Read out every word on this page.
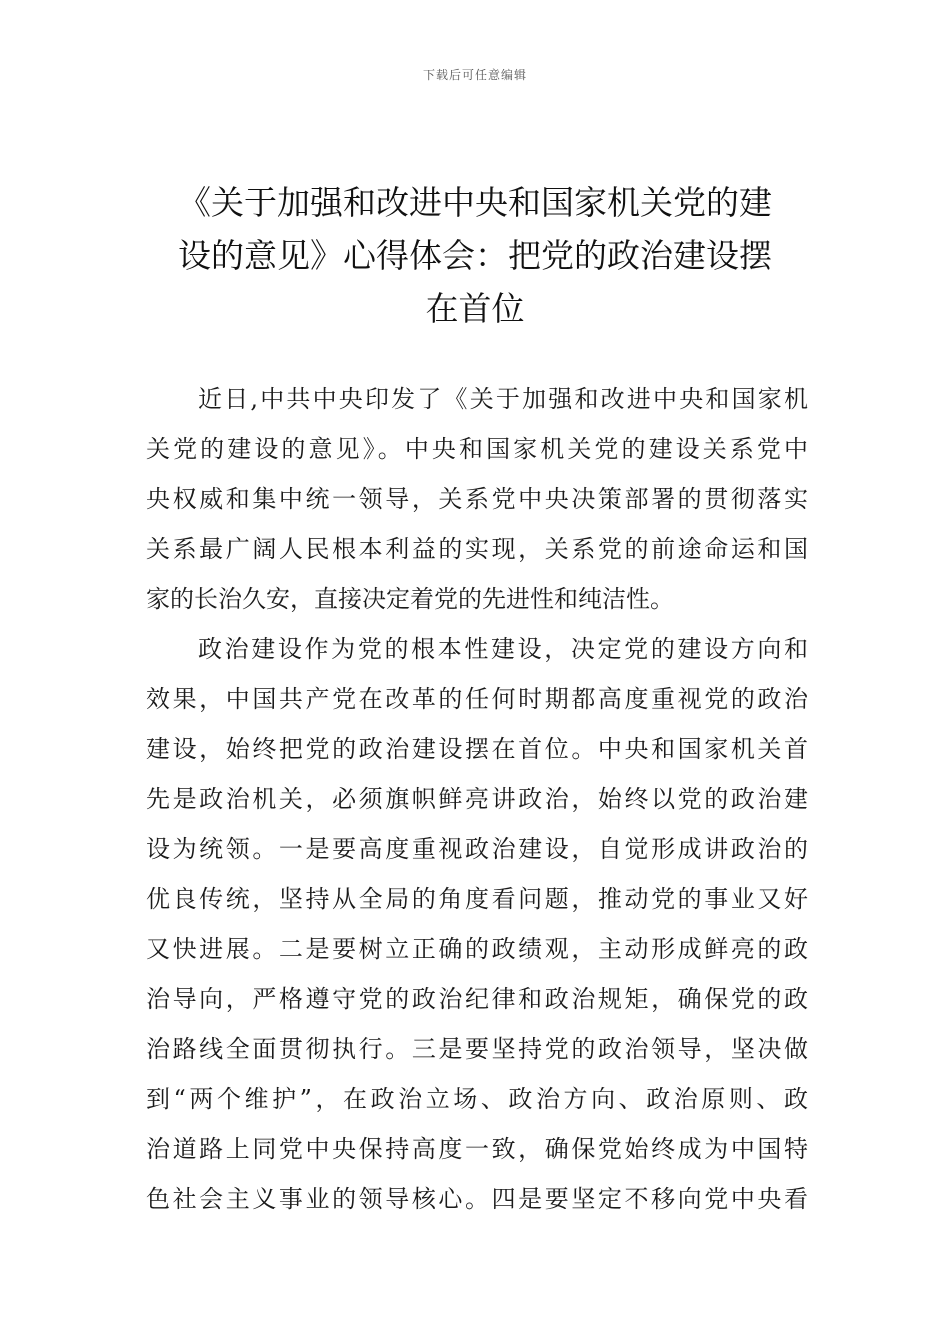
下载后可任意编辑
《关于加强和改进中央和国家机关党的建
设的意见》心得体会：把党的政治建设摆
在首位
近日,中共中央印发了《关于加强和改进中央和国家机
关党的建设的意见》。中央和国家机关党的建设关系党中
央权威和集中统一领导，关系党中央决策部署的贯彻落实
关系最广阔人民根本利益的实现，关系党的前途命运和国
家的长治久安，直接决定着党的先进性和纯洁性。
政治建设作为党的根本性建设，决定党的建设方向和
效果，中国共产党在改革的任何时期都高度重视党的政治
建设，始终把党的政治建设摆在首位。中央和国家机关首
先是政治机关，必须旗帜鲜亮讲政治，始终以党的政治建
设为统领。一是要高度重视政治建设，自觉形成讲政治的
优良传统，坚持从全局的角度看问题，推动党的事业又好
又快进展。二是要树立正确的政绩观，主动形成鲜亮的政
治导向，严格遵守党的政治纪律和政治规矩，确保党的政
治路线全面贯彻执行。三是要坚持党的政治领导，坚决做
到“两个维护”，在政治立场、政治方向、政治原则、政
治道路上同党中央保持高度一致，确保党始终成为中国特
色社会主义事业的领导核心。四是要坚定不移向党中央看
